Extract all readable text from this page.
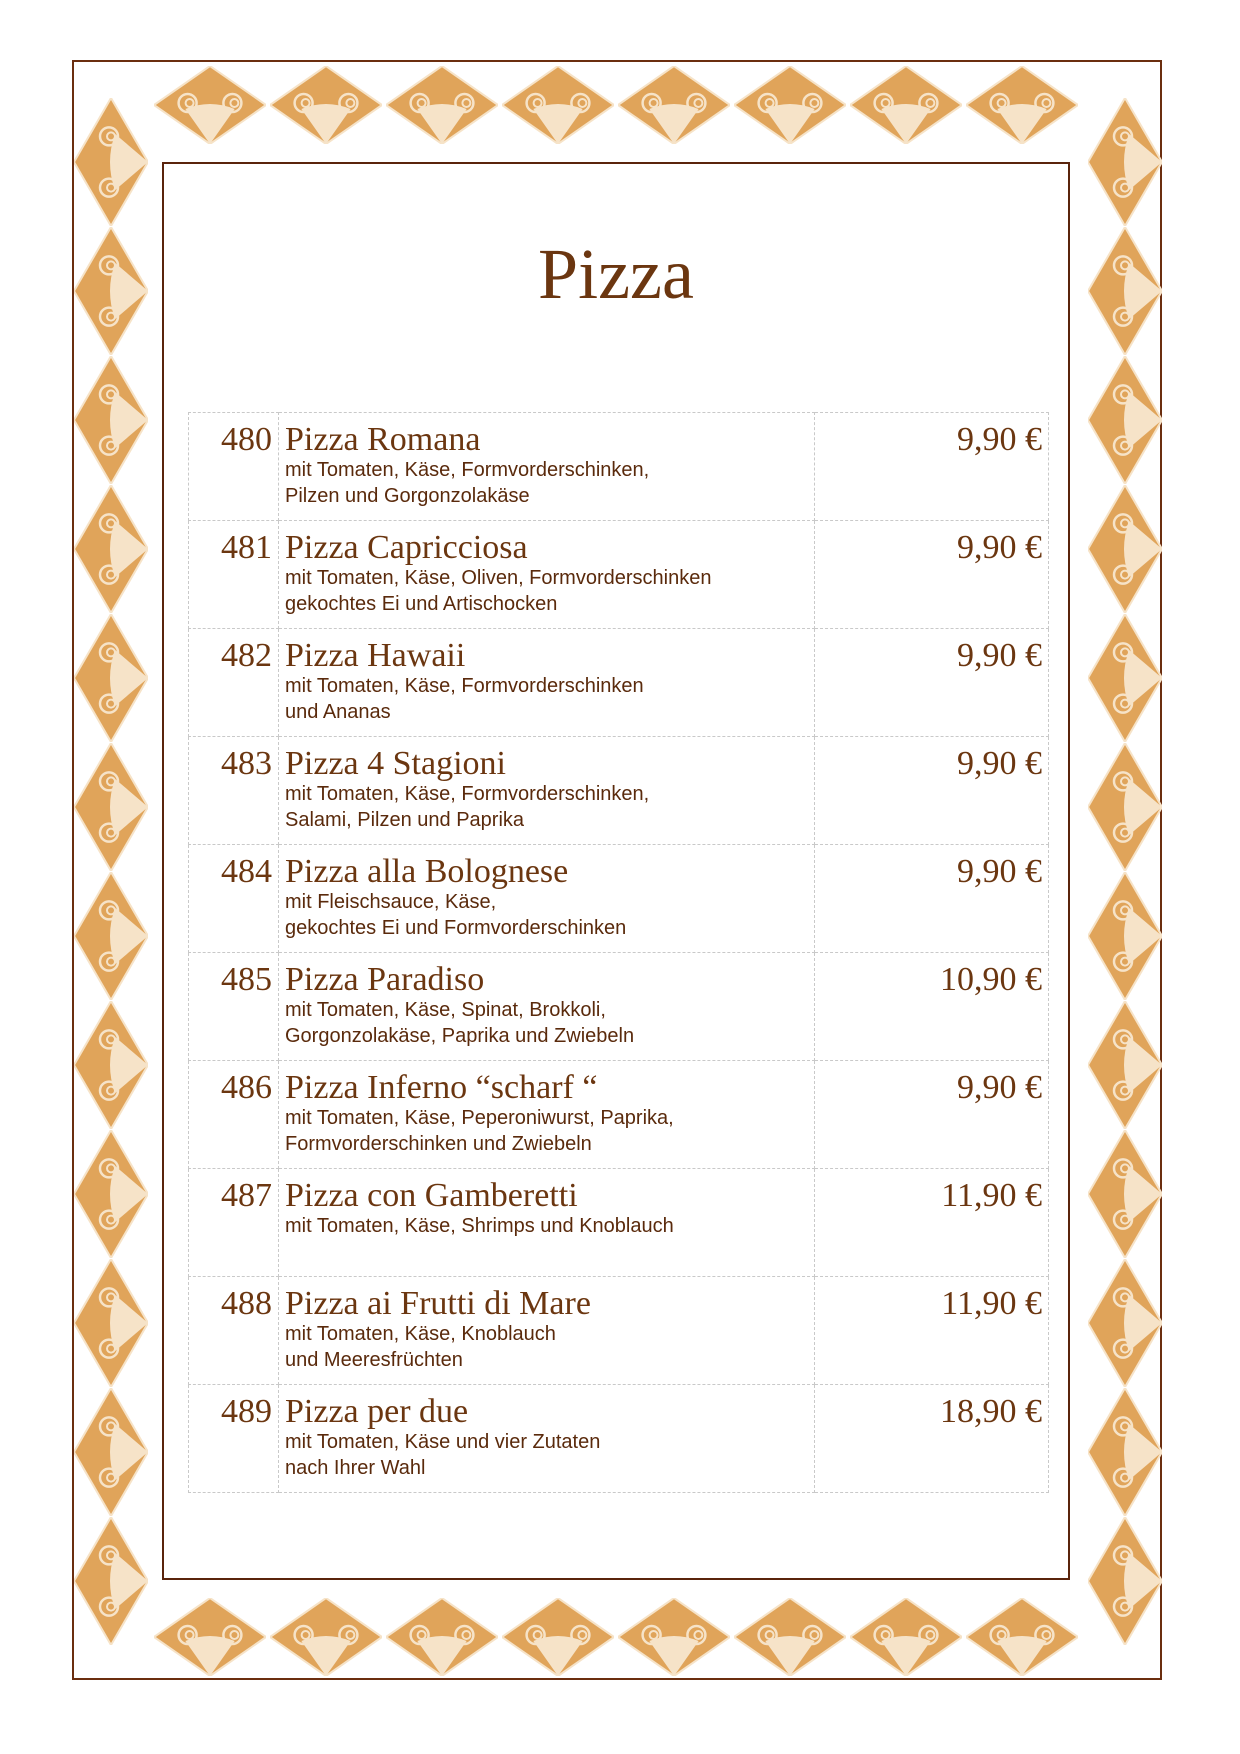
Pizza
480	Pizza Romana
mit Tomaten, Käse, Formvorderschinken,
Pilzen und Gorgonzolakäse	9,90 €
481	Pizza Capricciosa
mit Tomaten, Käse, Oliven, Formvorderschinken
gekochtes Ei und Artischocken	9,90 €
482	Pizza Hawaii
mit Tomaten, Käse, Formvorderschinken
und Ananas	9,90 €
483	Pizza 4 Stagioni
mit Tomaten, Käse, Formvorderschinken,
Salami, Pilzen und Paprika	9,90 €
484	Pizza alla Bolognese
mit Fleischsauce, Käse,
gekochtes Ei und Formvorderschinken	9,90 €
485	Pizza Paradiso
mit Tomaten, Käse, Spinat, Brokkoli,
Gorgonzolakäse, Paprika und Zwiebeln	10,90 €
486	Pizza Inferno “scharf “
mit Tomaten, Käse, Peperoniwurst, Paprika,
Formvorderschinken und Zwiebeln	9,90 €
487	Pizza con Gamberetti
mit Tomaten, Käse, Shrimps und Knoblauch	11,90 €
488	Pizza ai Frutti di Mare
mit Tomaten, Käse, Knoblauch
und Meeresfrüchten	11,90 €
489	Pizza per due
mit Tomaten, Käse und vier Zutaten
nach Ihrer Wahl	18,90 €
